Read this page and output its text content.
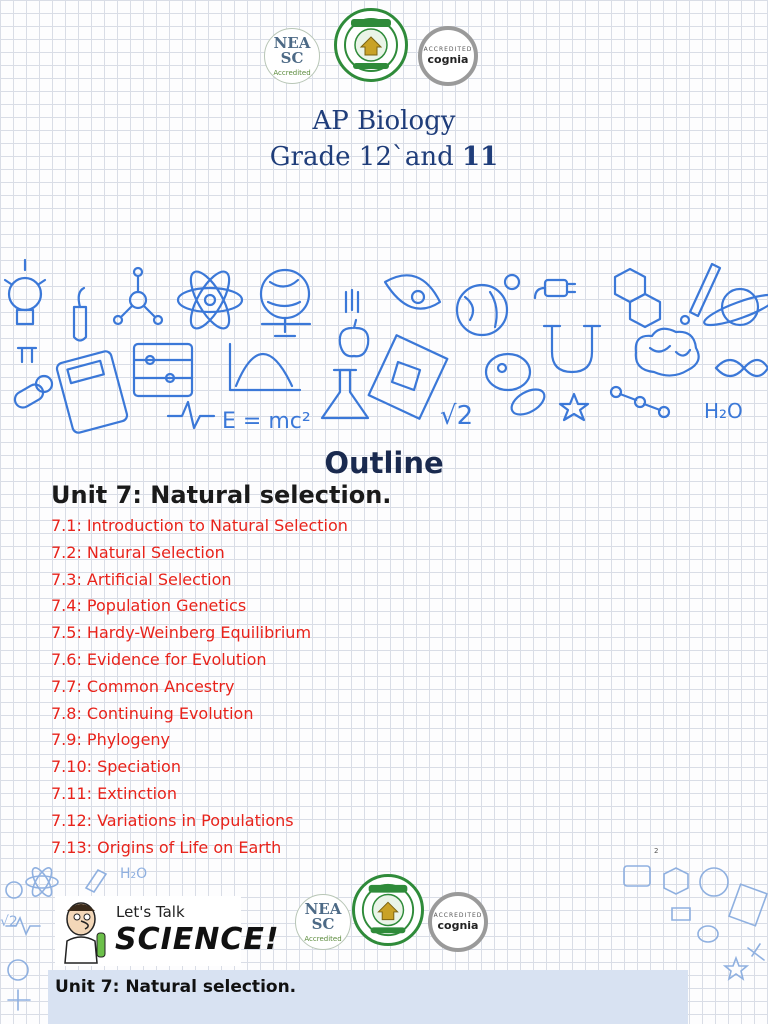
NEA SC
Accredited
ACCREDITED
cognia
AP Biology
Grade 12`and 11
E = mc²	H₂O
√2
Outline
Unit 7: Natural selection.
7.1: Introduction to Natural Selection
7.2: Natural Selection
7.3: Artificial Selection
7.4: Population Genetics
7.5: Hardy-Weinberg Equilibrium
7.6: Evidence for Evolution
7.7: Common Ancestry
7.8: Continuing Evolution
7.9: Phylogeny
7.10: Speciation
7.11: Extinction
7.12: Variations in Populations
7.13: Origins of Life on Earth	2
H₂O
√2
Let's Talk
SCIENCE!
NEA SC
Accredited
ACCREDITED
cognia
Unit 7: Natural selection.
